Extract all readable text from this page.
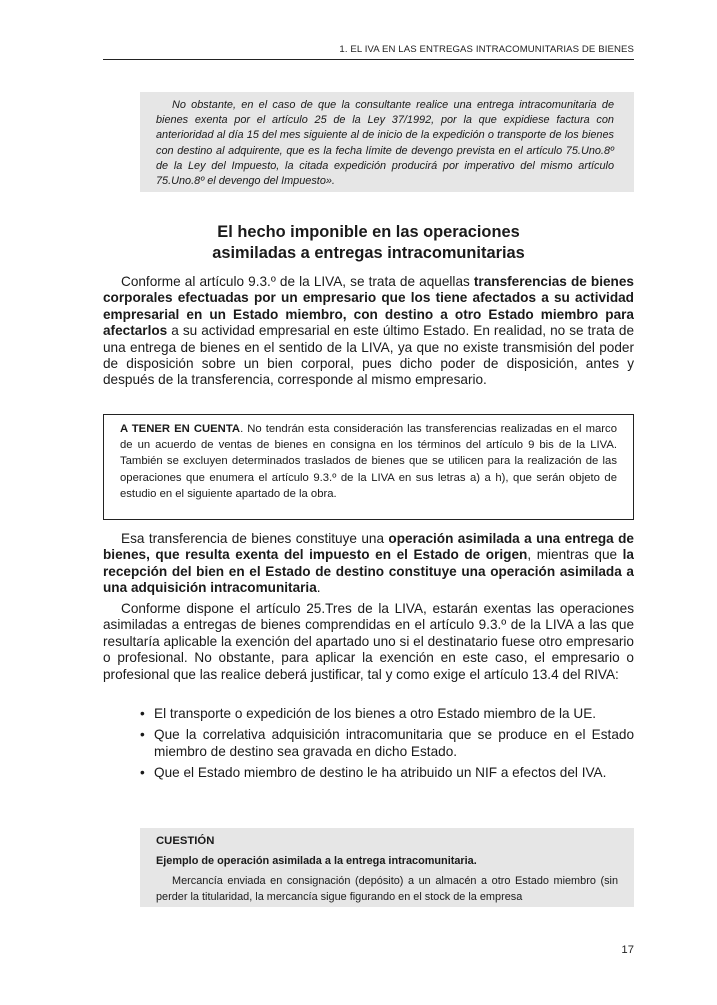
1. EL IVA EN LAS ENTREGAS INTRACOMUNITARIAS DE BIENES

No obstante, en el caso de que la consultante realice una entrega intracomunitaria de bienes exenta por el artículo 25 de la Ley 37/1992, por la que expidiese factura con anterioridad al día 15 del mes siguiente al de inicio de la expedición o transporte de los bienes con destino al adquirente, que es la fecha límite de devengo prevista en el artículo 75.Uno.8º de la Ley del Impuesto, la citada expedición producirá por imperativo del mismo artículo 75.Uno.8º el devengo del Impuesto».

El hecho imponible en las operaciones
asimiladas a entregas intracomunitarias

Conforme al artículo 9.3.º de la LIVA, se trata de aquellas transferencias de bienes corporales efectuadas por un empresario que los tiene afectados a su actividad empresarial en un Estado miembro, con destino a otro Estado miembro para afectarlos a su actividad empresarial en este último Estado. En realidad, no se trata de una entrega de bienes en el sentido de la LIVA, ya que no existe transmisión del poder de disposición sobre un bien corporal, pues dicho poder de disposición, antes y después de la transferencia, corresponde al mismo empresario.

A TENER EN CUENTA. No tendrán esta consideración las transferencias realizadas en el marco de un acuerdo de ventas de bienes en consigna en los términos del artículo 9 bis de la LIVA. También se excluyen determinados traslados de bienes que se utilicen para la realización de las operaciones que enumera el artículo 9.3.º de la LIVA en sus letras a) a h), que serán objeto de estudio en el siguiente apartado de la obra.

Esa transferencia de bienes constituye una operación asimilada a una entrega de bienes, que resulta exenta del impuesto en el Estado de origen, mientras que la recepción del bien en el Estado de destino constituye una operación asimilada a una adquisición intracomunitaria.

Conforme dispone el artículo 25.Tres de la LIVA, estarán exentas las operaciones asimiladas a entregas de bienes comprendidas en el artículo 9.3.º de la LIVA a las que resultaría aplicable la exención del apartado uno si el destinatario fuese otro empresario o profesional. No obstante, para aplicar la exención en este caso, el empresario o profesional que las realice deberá justificar, tal y como exige el artículo 13.4 del RIVA:

• El transporte o expedición de los bienes a otro Estado miembro de la UE.
• Que la correlativa adquisición intracomunitaria que se produce en el Estado miembro de destino sea gravada en dicho Estado.
• Que el Estado miembro de destino le ha atribuido un NIF a efectos del IVA.

CUESTIÓN

Ejemplo de operación asimilada a la entrega intracomunitaria.

Mercancía enviada en consignación (depósito) a un almacén a otro Estado miembro (sin perder la titularidad, la mercancía sigue figurando en el stock de la empresa

17
